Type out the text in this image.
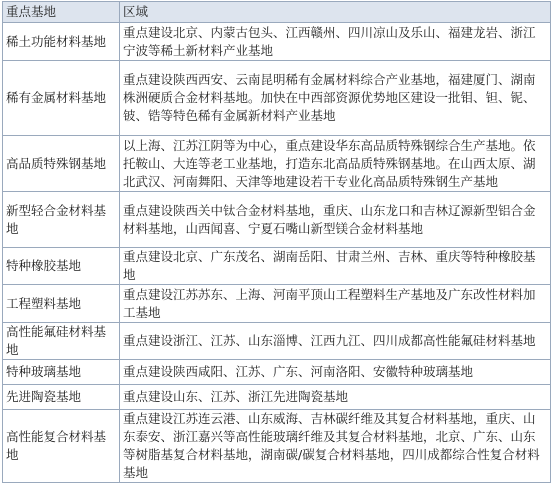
重点基地	区域
稀土功能材料基地	重点建设北京、内蒙古包头、江西赣州、四川凉山及乐山、福建龙岩、浙江宁波等稀土新材料产业基地
稀有金属材料基地	重点建设陕西西安、云南昆明稀有金属材料综合产业基地，福建厦门、湖南株洲硬质合金材料基地。加快在中西部资源优势地区建设一批钼、钽、铌、铍、锆等特色稀有金属新材料产业基地
高品质特殊钢基地	以上海、江苏江阴等为中心，重点建设华东高品质特殊钢综合生产基地。依托鞍山、大连等老工业基地，打造东北高品质特殊钢基地。在山西太原、湖北武汉、河南舞阳、天津等地建设若干专业化高品质特殊钢生产基地
新型轻合金材料基地	重点建设陕西关中钛合金材料基地，重庆、山东龙口和吉林辽源新型铝合金材料基地，山西闻喜、宁夏石嘴山新型镁合金材料基地
特种橡胶基地	重点建设北京、广东茂名、湖南岳阳、甘肃兰州、吉林、重庆等特种橡胶基地
工程塑料基地	重点建设江苏苏东、上海、河南平顶山工程塑料生产基地及广东改性材料加工基地
高性能氟硅材料基地	重点建设浙江、江苏、山东淄博、江西九江、四川成都高性能氟硅材料基地
特种玻璃基地	重点建设陕西咸阳、江苏、广东、河南洛阳、安徽特种玻璃基地
先进陶瓷基地	重点建设山东、江苏、浙江先进陶瓷基地
高性能复合材料基地	重点建设江苏连云港、山东威海、吉林碳纤维及其复合材料基地，重庆、山东泰安、浙江嘉兴等高性能玻璃纤维及其复合材料基地，北京、广东、山东等树脂基复合材料基地，湖南碳/碳复合材料基地，四川成都综合性复合材料基地
